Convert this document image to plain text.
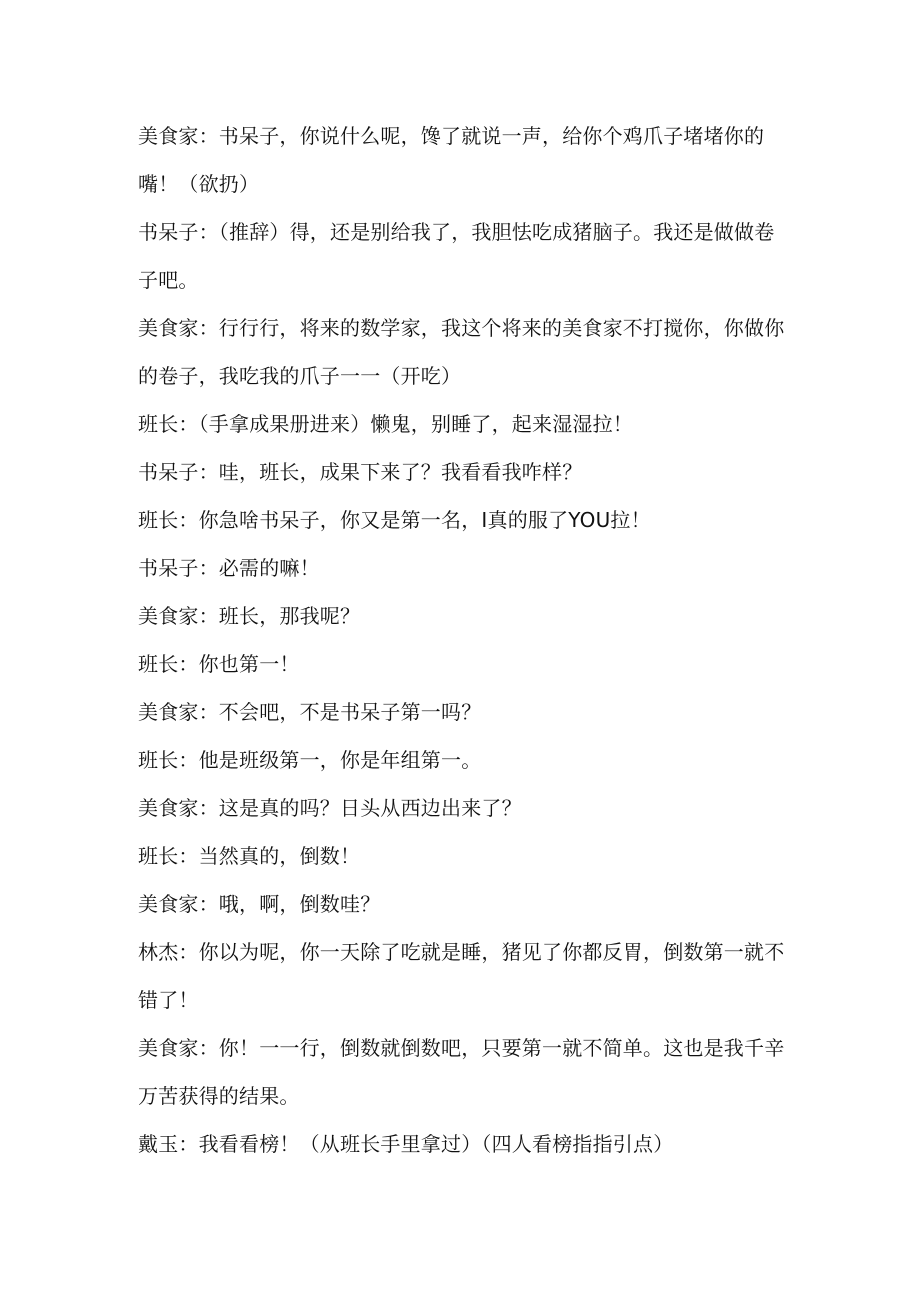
美食家：书呆子，你说什么呢，馋了就说一声，给你个鸡爪子堵堵你的
嘴！（欲扔）
书呆子：（推辞）得，还是别给我了，我胆怯吃成猪脑子。我还是做做卷
子吧。
美食家：行行行，将来的数学家，我这个将来的美食家不打搅你，你做你
的卷子，我吃我的爪子一一（开吃）
班长：（手拿成果册进来）懒鬼，别睡了，起来湿湿拉！
书呆子：哇，班长，成果下来了？我看看我咋样？
班长：你急啥书呆子，你又是第一名，I真的服了YOU拉！
书呆子：必需的嘛！
美食家：班长，那我呢？
班长：你也第一！
美食家：不会吧，不是书呆子第一吗？
班长：他是班级第一，你是年组第一。
美食家：这是真的吗？日头从西边出来了？
班长：当然真的，倒数！
美食家：哦，啊，倒数哇？
林杰：你以为呢，你一天除了吃就是睡，猪见了你都反胃，倒数第一就不
错了！
美食家：你！一一行，倒数就倒数吧，只要第一就不简单。这也是我千辛
万苦获得的结果。
戴玉：我看看榜！（从班长手里拿过）（四人看榜指指引点）
